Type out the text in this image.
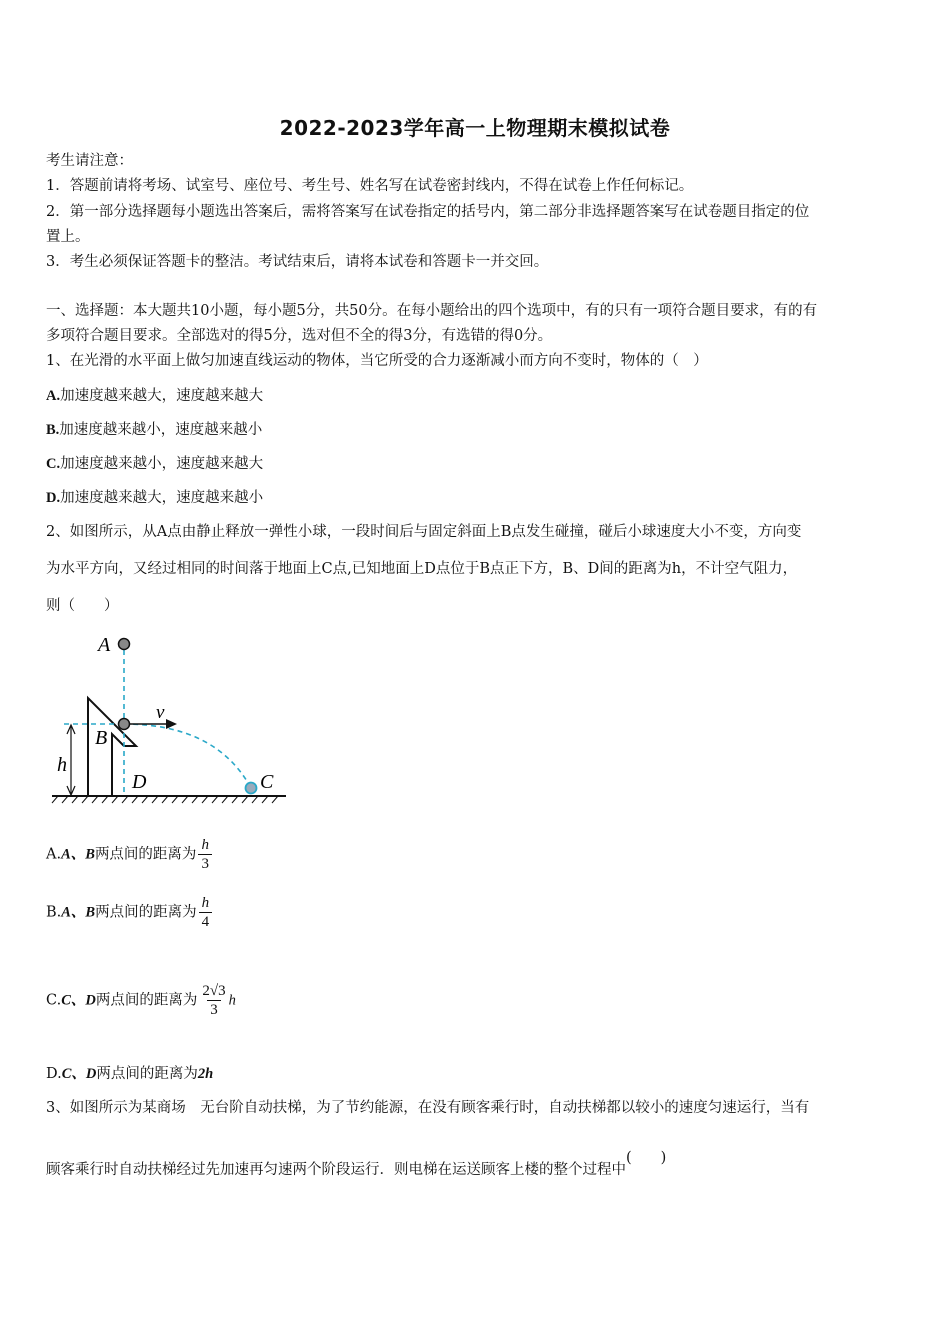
2022-2023学年高一上物理期末模拟试卷
考生请注意：
1．答题前请将考场、试室号、座位号、考生号、姓名写在试卷密封线内，不得在试卷上作任何标记。
2．第一部分选择题每小题选出答案后，需将答案写在试卷指定的括号内，第二部分非选择题答案写在试卷题目指定的位
置上。
3．考生必须保证答题卡的整洁。考试结束后，请将本试卷和答题卡一并交回。
一、选择题：本大题共10小题，每小题5分，共50分。在每小题给出的四个选项中，有的只有一项符合题目要求，有的有
多项符合题目要求。全部选对的得5分，选对但不全的得3分，有选错的得0分。
1、在光滑的水平面上做匀加速直线运动的物体，当它所受的合力逐渐减小而方向不变时，物体的（　）
A.加速度越来越大，速度越来越大
B.加速度越来越小，速度越来越小
C.加速度越来越小，速度越来越大
D.加速度越来越大，速度越来越小
2、如图所示，从A点由静止释放一弹性小球，一段时间后与固定斜面上B点发生碰撞，碰后小球速度大小不变，方向变
为水平方向，又经过相同的时间落于地面上C点,已知地面上D点位于B点正下方，B、D间的距离为h，不计空气阻力，
则（　　）
A
B
v
h
D	C
A.A、B两点间的距离为 $\frac{h}{3}$
B.A、B两点间的距离为 $\frac{h}{4}$
C.C、D两点间的距离为 $\frac{2√3}{3}$ h
D.C、D两点间的距离为2h
3、如图所示为某商场　无台阶自动扶梯，为了节约能源，在没有顾客乘行时，自动扶梯都以较小的速度匀速运行，当有
顾客乘行时自动扶梯经过先加速再匀速两个阶段运行．则电梯在运送顾客上楼的整个过程中(　　)
